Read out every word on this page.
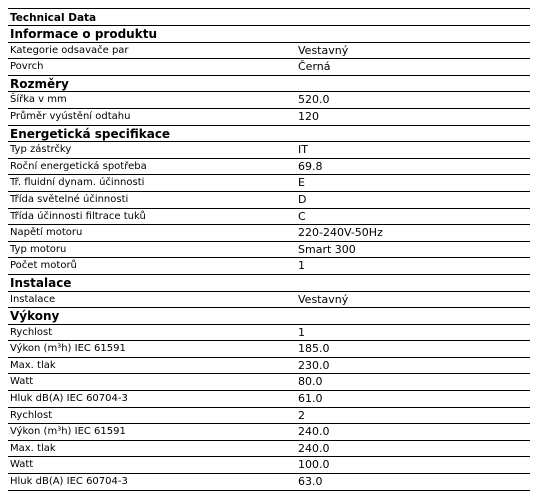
Technical Data
Informace o produktu
Kategorie odsavače par	Vestavný
Povrch	Černá
Rozměry
Šířka v mm	520.0
Průměr vyústění odtahu	120
Energetická specifikace
Typ zástrčky	IT
Roční energetická spotřeba	69.8
Tř. fluidní dynam. účinnosti	E
Třída světelné účinnosti	D
Třída účinnosti filtrace tuků	C
Napětí motoru	220-240V-50Hz
Typ motoru	Smart 300
Počet motorů	1
Instalace
Instalace	Vestavný
Výkony
Rychlost	1
Výkon (m³h) IEC 61591	185.0
Max. tlak	230.0
Watt	80.0
Hluk dB(A) IEC 60704-3	61.0
Rychlost	2
Výkon (m³h) IEC 61591	240.0
Max. tlak	240.0
Watt	100.0
Hluk dB(A) IEC 60704-3	63.0
